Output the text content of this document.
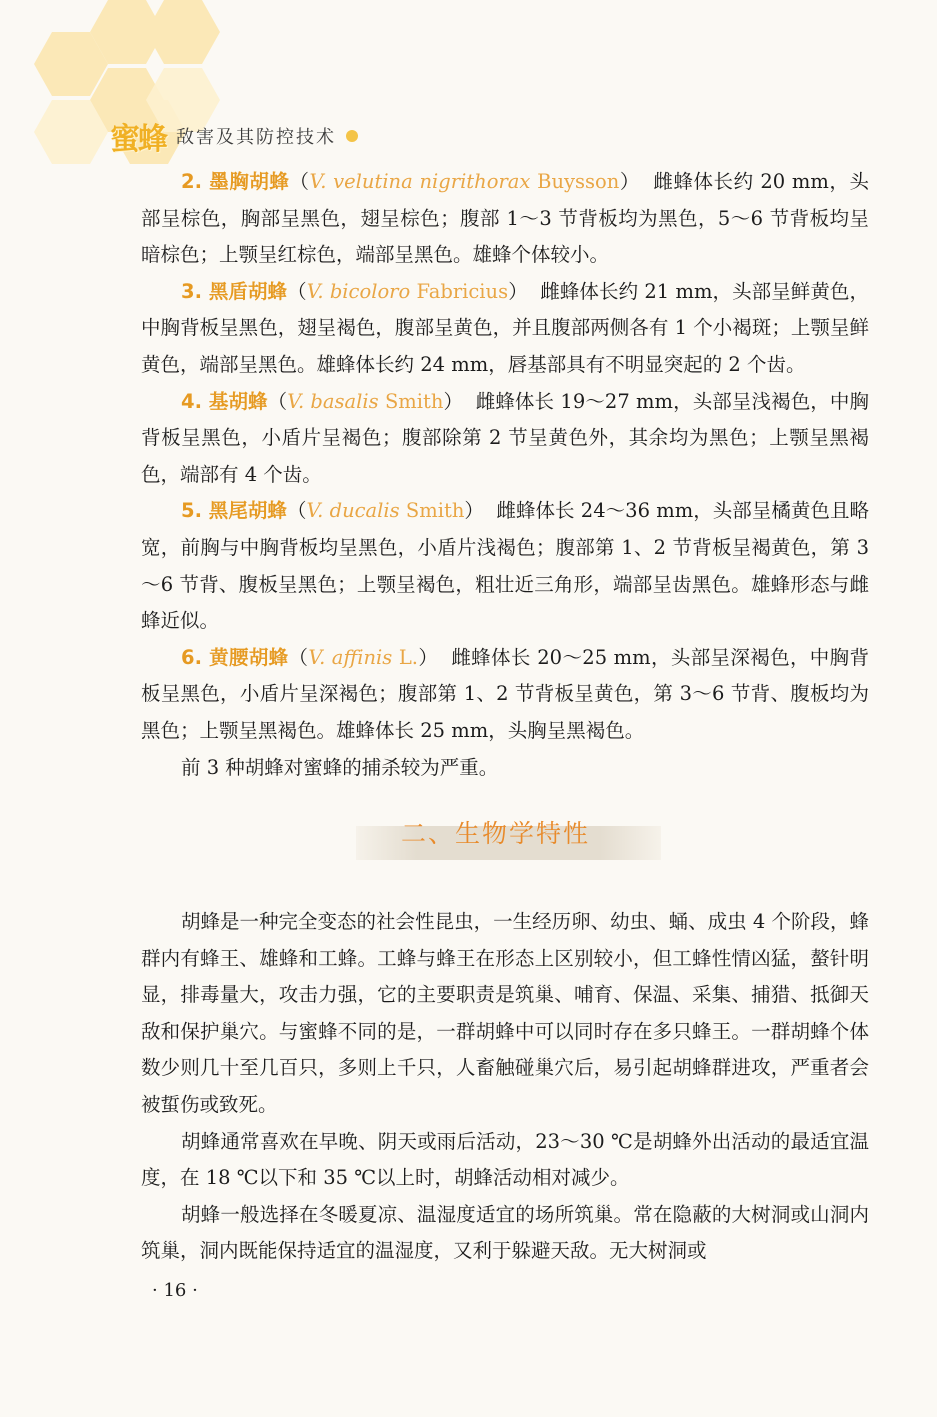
蜜蜂 敌害及其防控技术

2. 墨胸胡蜂（V. velutina nigrithorax Buysson）  雌蜂体长约 20 mm，头部呈棕色，胸部呈黑色，翅呈棕色；腹部 1～3 节背板均为黑色，5～6 节背板均呈暗棕色；上颚呈红棕色，端部呈黑色。雄蜂个体较小。

3. 黑盾胡蜂（V. bicoloro Fabricius）  雌蜂体长约 21 mm，头部呈鲜黄色，中胸背板呈黑色，翅呈褐色，腹部呈黄色，并且腹部两侧各有 1 个小褐斑；上颚呈鲜黄色，端部呈黑色。雄蜂体长约 24 mm，唇基部具有不明显突起的 2 个齿。

4. 基胡蜂（V. basalis Smith）  雌蜂体长 19～27 mm，头部呈浅褐色，中胸背板呈黑色，小盾片呈褐色；腹部除第 2 节呈黄色外，其余均为黑色；上颚呈黑褐色，端部有 4 个齿。

5. 黑尾胡蜂（V. ducalis Smith）  雌蜂体长 24～36 mm，头部呈橘黄色且略宽，前胸与中胸背板均呈黑色，小盾片浅褐色；腹部第 1、2 节背板呈褐黄色，第 3～6 节背、腹板呈黑色；上颚呈褐色，粗壮近三角形，端部呈齿黑色。雄蜂形态与雌蜂近似。

6. 黄腰胡蜂（V. affinis L.）  雌蜂体长 20～25 mm，头部呈深褐色，中胸背板呈黑色，小盾片呈深褐色；腹部第 1、2 节背板呈黄色，第 3～6 节背、腹板均为黑色；上颚呈黑褐色。雄蜂体长 25 mm，头胸呈黑褐色。

前 3 种胡蜂对蜜蜂的捕杀较为严重。

二、生物学特性

胡蜂是一种完全变态的社会性昆虫，一生经历卵、幼虫、蛹、成虫 4 个阶段，蜂群内有蜂王、雄蜂和工蜂。工蜂与蜂王在形态上区别较小，但工蜂性情凶猛，螯针明显，排毒量大，攻击力强，它的主要职责是筑巢、哺育、保温、采集、捕猎、抵御天敌和保护巢穴。与蜜蜂不同的是，一群胡蜂中可以同时存在多只蜂王。一群胡蜂个体数少则几十至几百只，多则上千只，人畜触碰巢穴后，易引起胡蜂群进攻，严重者会被蜇伤或致死。

胡蜂通常喜欢在早晚、阴天或雨后活动，23～30 ℃是胡蜂外出活动的最适宜温度，在 18 ℃以下和 35 ℃以上时，胡蜂活动相对减少。

胡蜂一般选择在冬暖夏凉、温湿度适宜的场所筑巢。常在隐蔽的大树洞或山洞内筑巢，洞内既能保持适宜的温湿度，又利于躲避天敌。无大树洞或

· 16 ·
